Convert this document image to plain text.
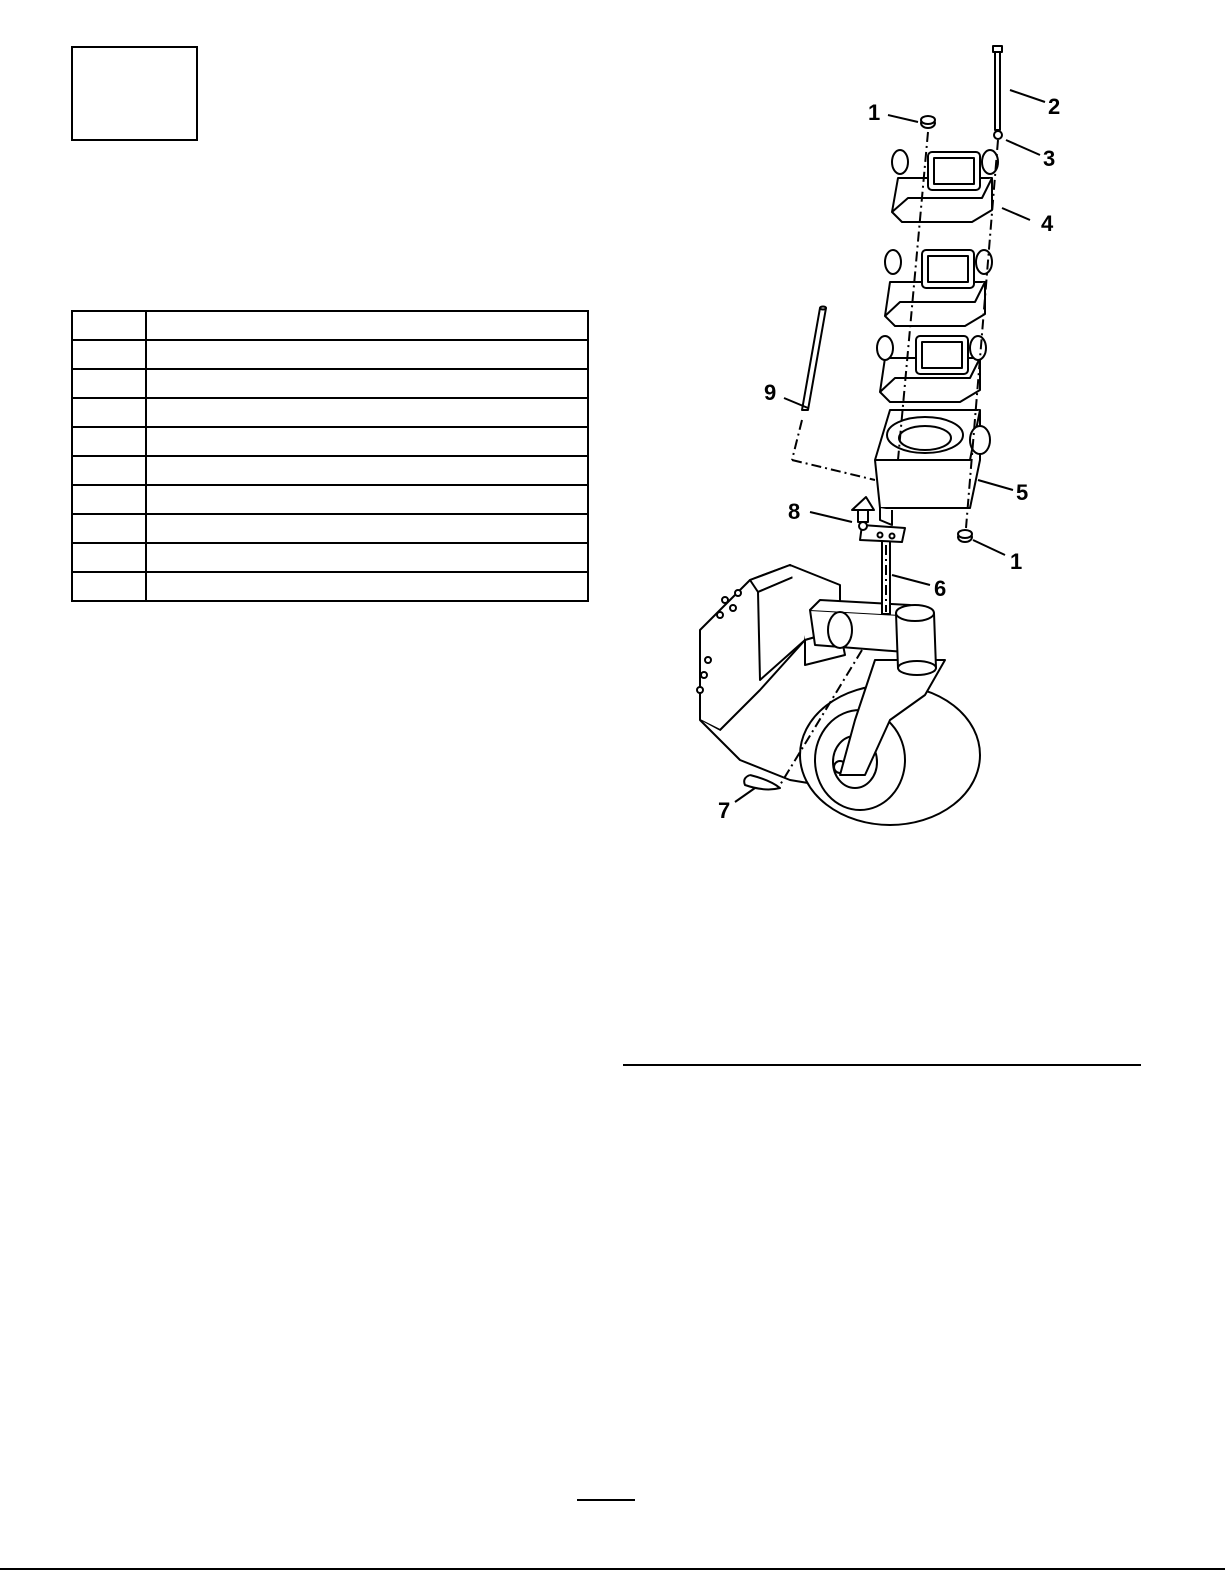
1	2
3
4
5
6
7
8
9
1
